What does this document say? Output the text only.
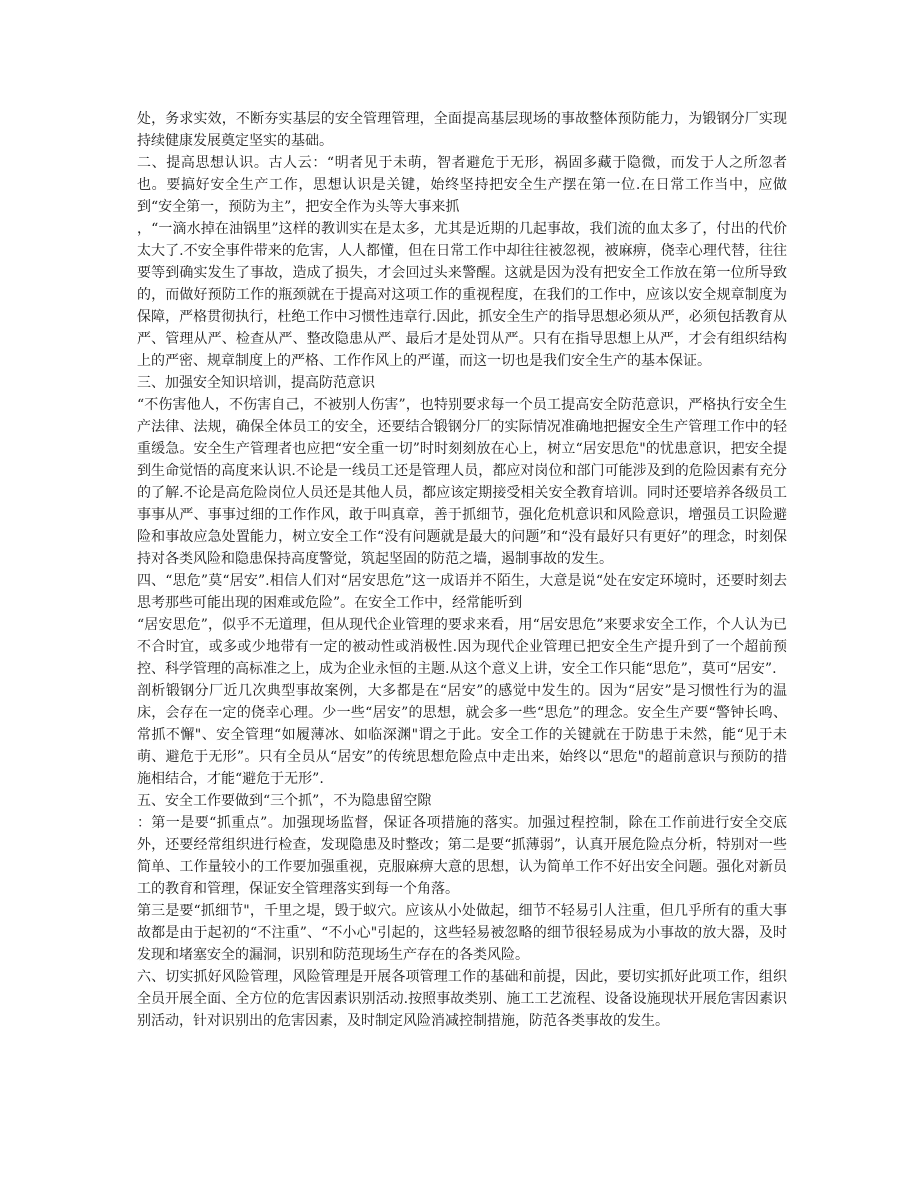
处，务求实效，不断夯实基层的安全管理管理，全面提高基层现场的事故整体预防能力，为锻钢分厂实现持续健康发展奠定坚实的基础。

二、提高思想认识。古人云：“明者见于未萌，智者避危于无形，祸固多藏于隐微，而发于人之所忽者也。要搞好安全生产工作，思想认识是关键，始终坚持把安全生产摆在第一位.在日常工作当中，应做到“安全第一，预防为主”，把安全作为头等大事来抓

，“一滴水掉在油锅里”这样的教训实在是太多，尤其是近期的几起事故，我们流的血太多了，付出的代价太大了.不安全事件带来的危害，人人都懂，但在日常工作中却往往被忽视，被麻痹，侥幸心理代替，往往要等到确实发生了事故，造成了损失，才会回过头来警醒。这就是因为没有把安全工作放在第一位所导致的，而做好预防工作的瓶颈就在于提高对这项工作的重视程度，在我们的工作中，应该以安全规章制度为保障，严格贯彻执行，杜绝工作中习惯性违章行.因此，抓安全生产的指导思想必须从严，必须包括教育从严、管理从严、检查从严、整改隐患从严、最后才是处罚从严。只有在指导思想上从严，才会有组织结构上的严密、规章制度上的严格、工作作风上的严谨，而这一切也是我们安全生产的基本保证。

三、加强安全知识培训，提高防范意识

“不伤害他人，不伤害自己，不被别人伤害”，也特别要求每一个员工提高安全防范意识，严格执行安全生产法律、法规，确保全体员工的安全，还要结合锻钢分厂的实际情况准确地把握安全生产管理工作中的轻重缓急。安全生产管理者也应把“安全重一切”时时刻刻放在心上，树立“居安思危"的忧患意识，把安全提到生命觉悟的高度来认识.不论是一线员工还是管理人员，都应对岗位和部门可能涉及到的危险因素有充分的了解.不论是高危险岗位人员还是其他人员，都应该定期接受相关安全教育培训。同时还要培养各级员工事事从严、事事过细的工作作风，敢于叫真章，善于抓细节，强化危机意识和风险意识，增强员工识险避险和事故应急处置能力，树立安全工作“没有问题就是最大的问题”和“没有最好只有更好”的理念，时刻保持对各类风险和隐患保持高度警觉，筑起坚固的防范之墙，遏制事故的发生。

四、“思危”莫“居安”.相信人们对“居安思危”这一成语并不陌生，大意是说“处在安定环境时，还要时刻去思考那些可能出现的困难或危险”。在安全工作中，经常能听到

“居安思危”，似乎不无道理，但从现代企业管理的要求来看，用“居安思危”来要求安全工作，个人认为已不合时宜，或多或少地带有一定的被动性或消极性.因为现代企业管理已把安全生产提升到了一个超前预控、科学管理的高标准之上，成为企业永恒的主题.从这个意义上讲，安全工作只能“思危”，莫可“居安”.

剖析锻钢分厂近几次典型事故案例，大多都是在“居安”的感觉中发生的。因为“居安”是习惯性行为的温床，会存在一定的侥幸心理。少一些“居安”的思想，就会多一些“思危”的理念。安全生产要“警钟长鸣、常抓不懈"、安全管理“如履薄冰、如临深渊"谓之于此。安全工作的关键就在于防患于未然，能“见于未萌、避危于无形”。只有全员从“居安”的传统思想危险点中走出来，始终以“思危"的超前意识与预防的措施相结合，才能“避危于无形”.

五、安全工作要做到“三个抓”，不为隐患留空隙

：第一是要“抓重点”。加强现场监督，保证各项措施的落实。加强过程控制，除在工作前进行安全交底外，还要经常组织进行检查，发现隐患及时整改；第二是要“抓薄弱”，认真开展危险点分析，特别对一些简单、工作量较小的工作要加强重视，克服麻痹大意的思想，认为简单工作不好出安全问题。强化对新员工的教育和管理，保证安全管理落实到每一个角落。

第三是要“抓细节"，千里之堤，毁于蚁穴。应该从小处做起，细节不轻易引人注重，但几乎所有的重大事故都是由于起初的“不注重”、“不小心"引起的，这些轻易被忽略的细节很轻易成为小事故的放大器，及时发现和堵塞安全的漏洞，识别和防范现场生产存在的各类风险。

六、切实抓好风险管理，风险管理是开展各项管理工作的基础和前提，因此，要切实抓好此项工作，组织全员开展全面、全方位的危害因素识别活动.按照事故类别、施工工艺流程、设备设施现状开展危害因素识别活动，针对识别出的危害因素，及时制定风险消减控制措施，防范各类事故的发生。
